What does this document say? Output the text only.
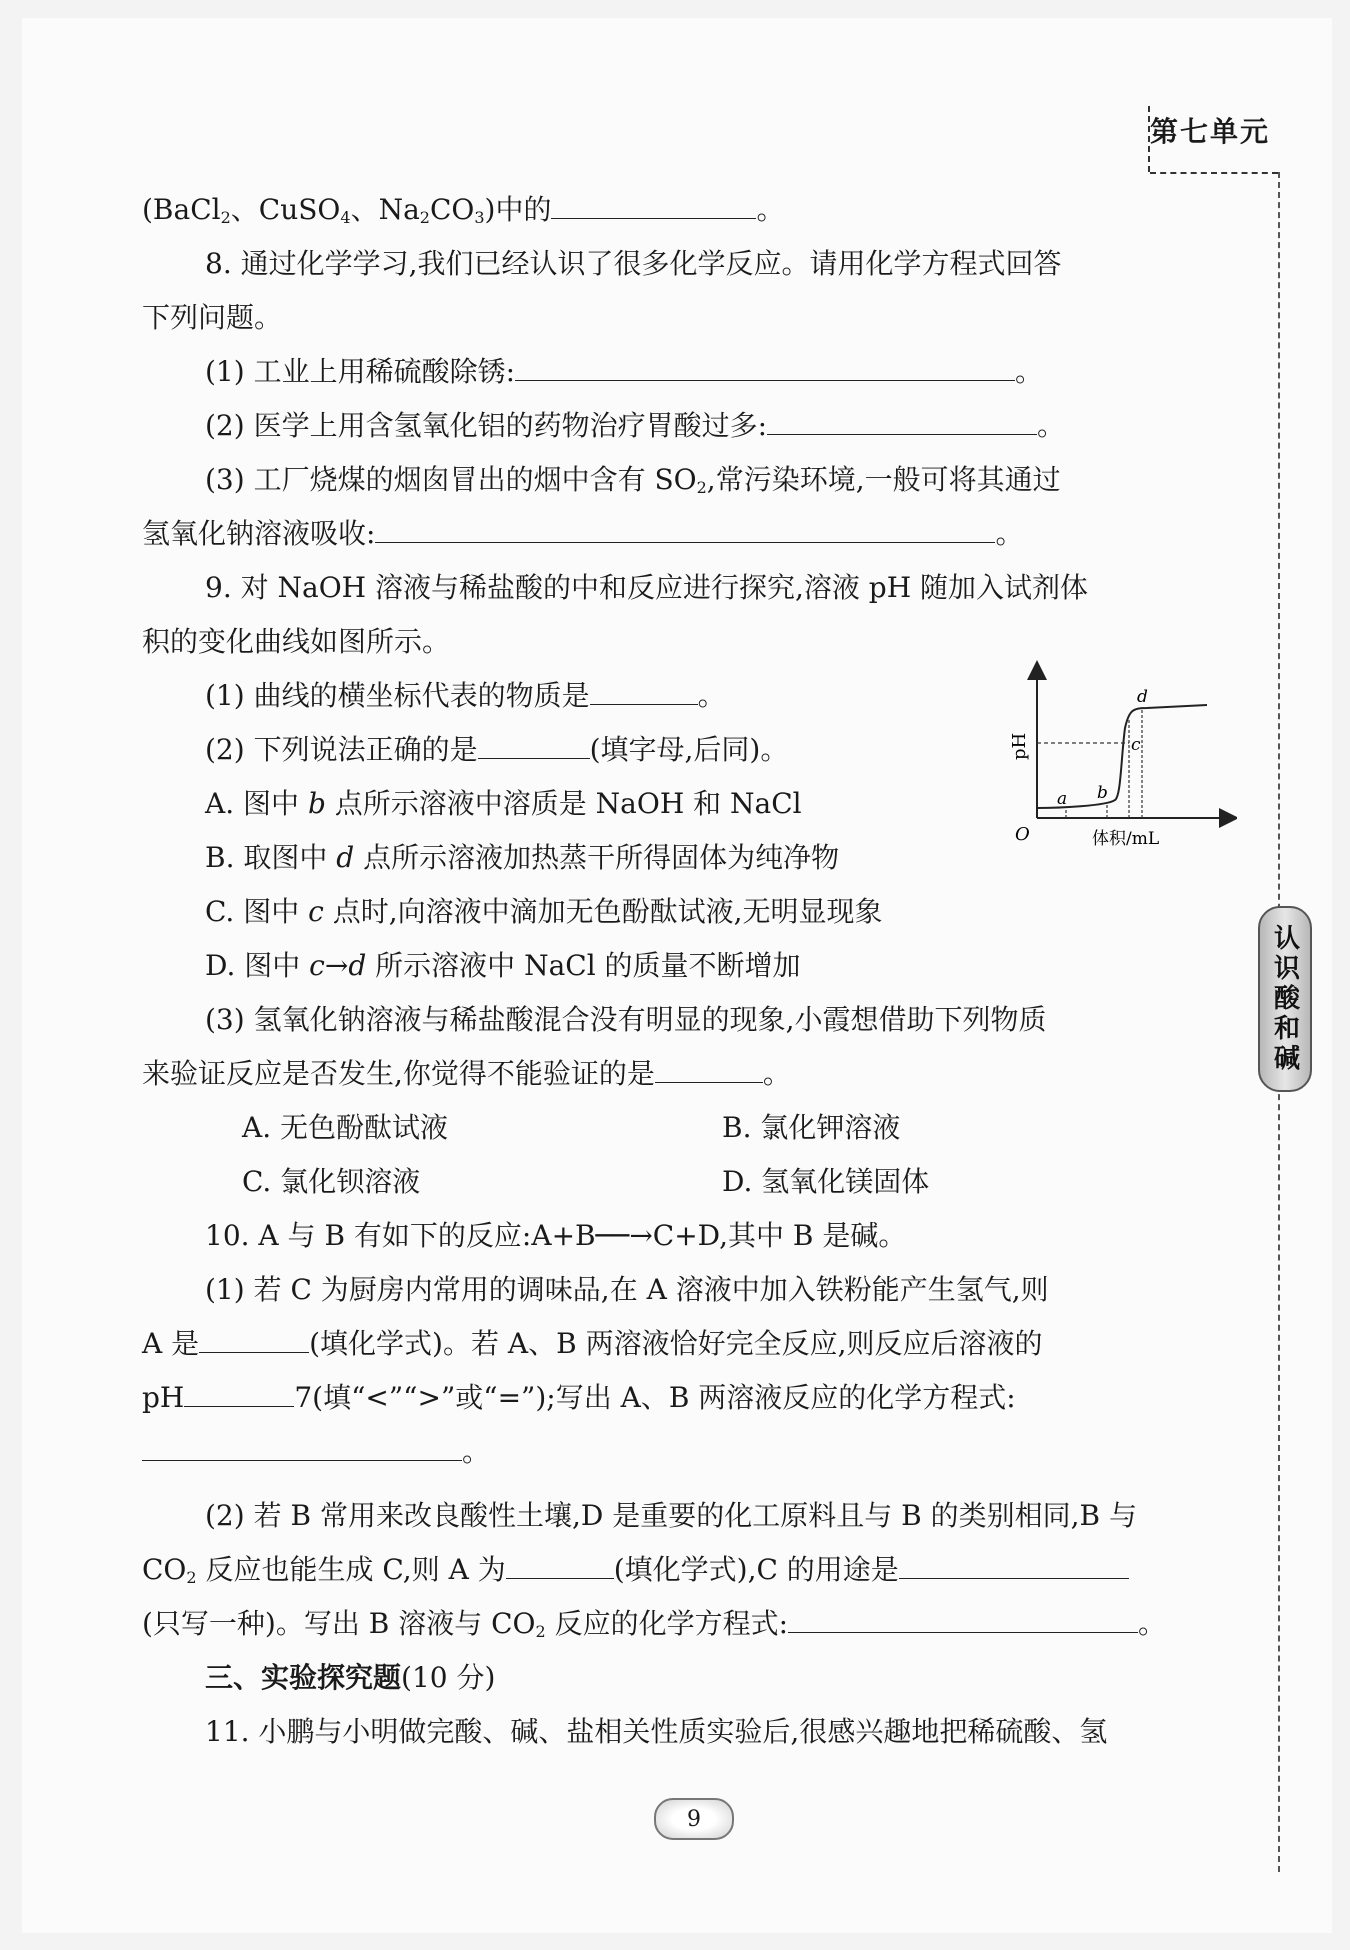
第七单元
认识酸和碱
(BaCl$_2$、CuSO$_4$、$Na_2CO_3$)中的	。
8. 通过化学学习,我们已经认识了很多化学反应。请用化学方程式回答
下列问题。
(1) 工业上用稀硫酸除锈:	。
(2) 医学上用含氢氧化铝的药物治疗胃酸过多:	。
(3) 工厂烧煤的烟囱冒出的烟中含有 $SO_2$,常污染环境,一般可将其通过
氢氧化钠溶液吸收:	。
9. 对 NaOH 溶液与稀盐酸的中和反应进行探究,溶液 pH 随加入试剂体
积的变化曲线如图所示。
(1) 曲线的横坐标代表的物质是	。
(2) 下列说法正确的是	(填字母,后同)。
A. 图中 b 点所示溶液中溶质是 NaOH 和 NaCl
B. 取图中 d 点所示溶液加热蒸干所得固体为纯净物
C. 图中 c 点时,向溶液中滴加无色酚酞试液,无明显现象
D. 图中 c→d 所示溶液中 NaCl 的质量不断增加
(3) 氢氧化钠溶液与稀盐酸混合没有明显的现象,小霞想借助下列物质
来验证反应是否发生,你觉得不能验证的是	。
A. 无色酚酞试液	B. 氯化钾溶液
C. 氯化钡溶液	D. 氢氧化镁固体
10. A 与 B 有如下的反应:A+B──→C+D,其中 B 是碱。
(1) 若 C 为厨房内常用的调味品,在 A 溶液中加入铁粉能产生氢气,则
A 是	(填化学式)。若 A、B 两溶液恰好完全反应,则反应后溶液的
pH	7(填“<”“>”或“=”);写出 A、B 两溶液反应的化学方程式:
。
(2) 若 B 常用来改良酸性土壤,D 是重要的化工原料且与 B 的类别相同,B 与
$CO_2$ 反应也能生成 C,则 A 为	(填化学式),C 的用途是
(只写一种)。写出 B 溶液与 $CO_2$ 反应的化学方程式:	。
三、实验探究题(10 分)
11. 小鹏与小明做完酸、碱、盐相关性质实验后,很感兴趣地把稀硫酸、氢
pH
O	体积/mL
a b
c
d
9
